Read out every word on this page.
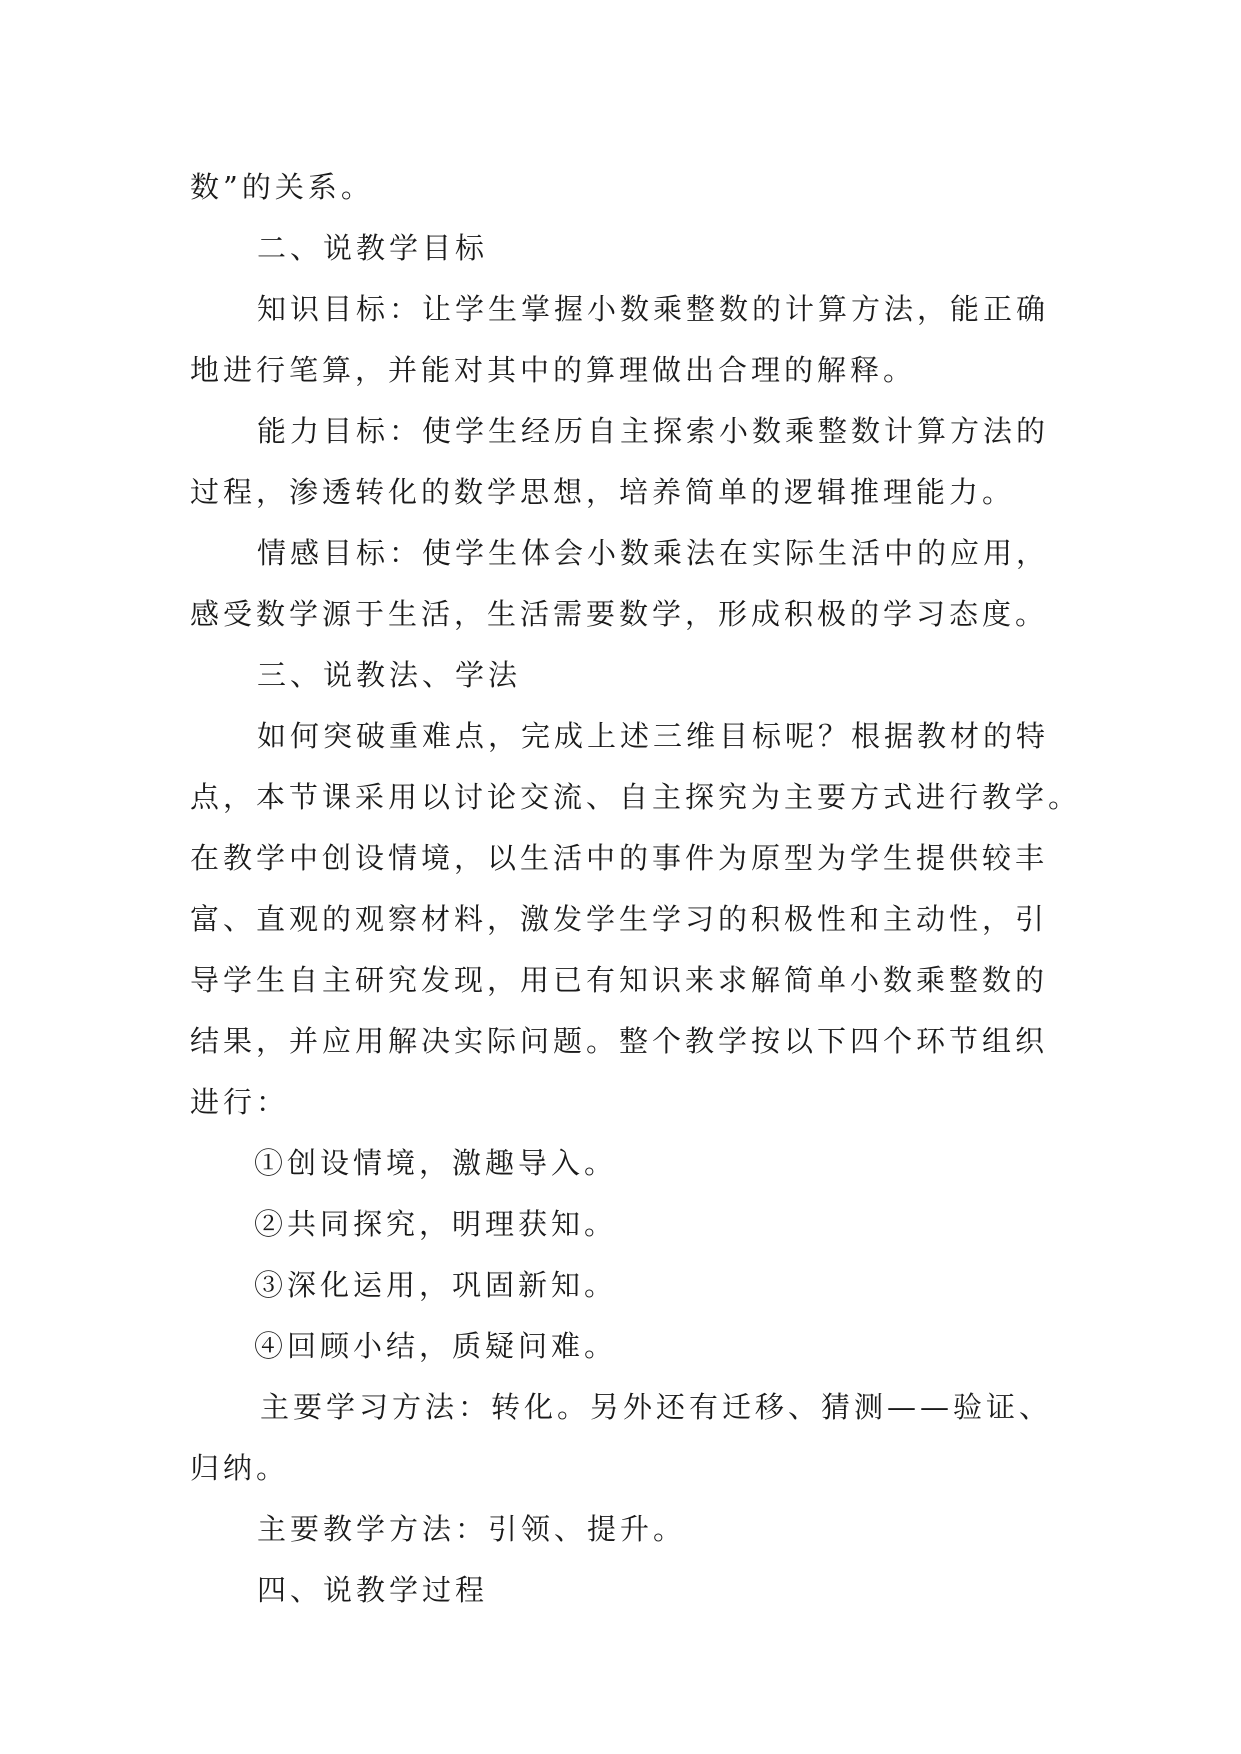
数”的关系。
二、说教学目标
知识目标：让学生掌握小数乘整数的计算方法，能正确
地进行笔算，并能对其中的算理做出合理的解释。
能力目标：使学生经历自主探索小数乘整数计算方法的
过程，渗透转化的数学思想，培养简单的逻辑推理能力。
情感目标：使学生体会小数乘法在实际生活中的应用，
感受数学源于生活，生活需要数学，形成积极的学习态度。
三、说教法、学法
如何突破重难点，完成上述三维目标呢？根据教材的特
点，本节课采用以讨论交流、自主探究为主要方式进行教学。
在教学中创设情境，以生活中的事件为原型为学生提供较丰
富、直观的观察材料，激发学生学习的积极性和主动性，引
导学生自主研究发现，用已有知识来求解简单小数乘整数的
结果，并应用解决实际问题。整个教学按以下四个环节组织
进行：
①创设情境，激趣导入。
②共同探究，明理获知。
③深化运用，巩固新知。
④回顾小结，质疑问难。
主要学习方法：转化。另外还有迁移、猜测——验证、
归纳。
主要教学方法：引领、提升。
四、说教学过程
